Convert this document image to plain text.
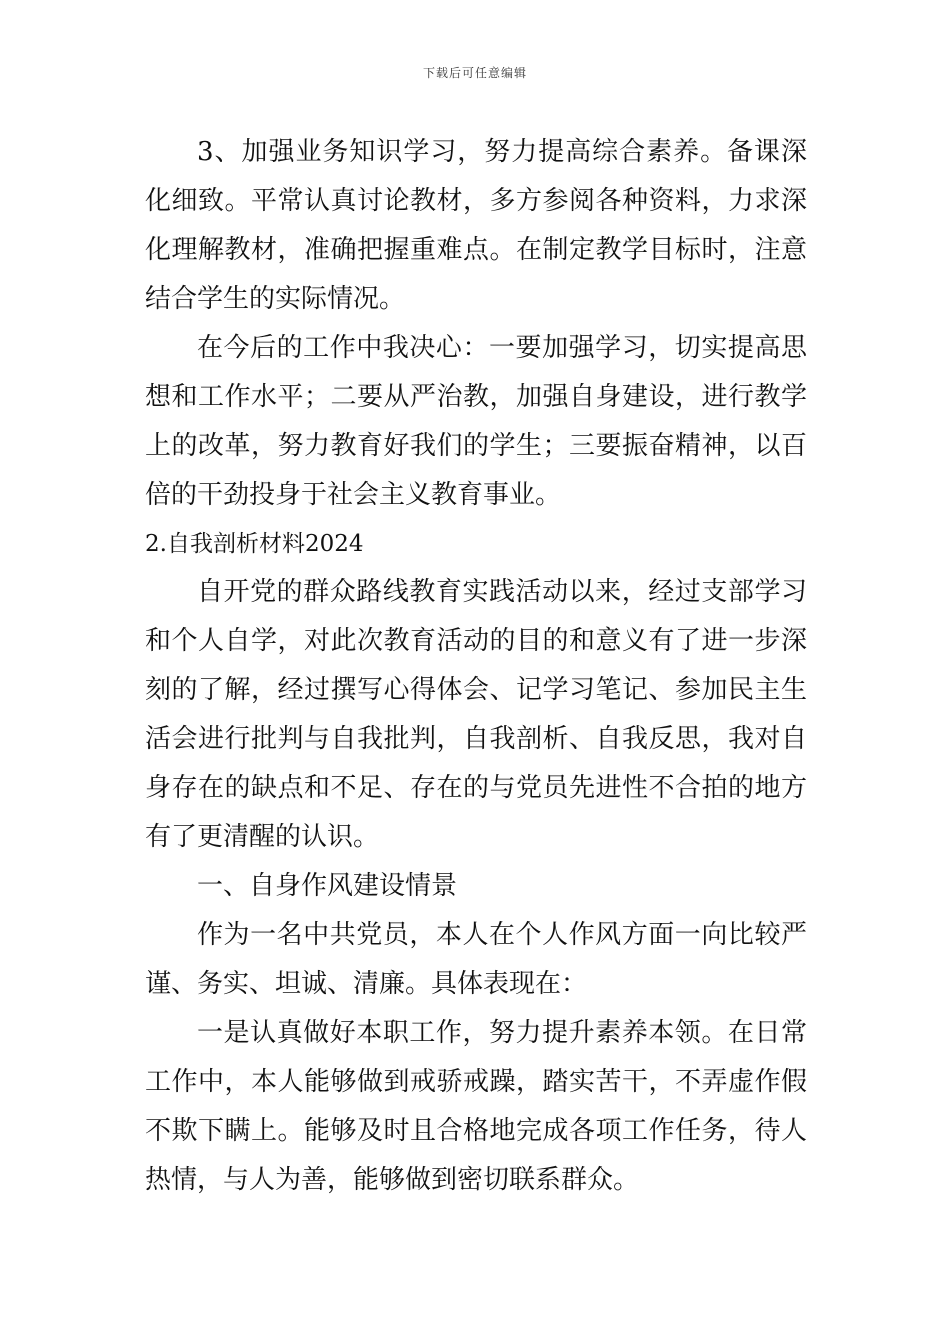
下载后可任意编辑

3、加强业务知识学习，努力提高综合素养。备课深化细致。平常认真讨论教材，多方参阅各种资料，力求深化理解教材，准确把握重难点。在制定教学目标时，注意结合学生的实际情况。

在今后的工作中我决心：一要加强学习，切实提高思想和工作水平；二要从严治教，加强自身建设，进行教学上的改革，努力教育好我们的学生；三要振奋精神，以百倍的干劲投身于社会主义教育事业。

2.自我剖析材料2024

自开党的群众路线教育实践活动以来，经过支部学习和个人自学，对此次教育活动的目的和意义有了进一步深刻的了解，经过撰写心得体会、记学习笔记、参加民主生活会进行批判与自我批判，自我剖析、自我反思，我对自身存在的缺点和不足、存在的与党员先进性不合拍的地方有了更清醒的认识。

一、自身作风建设情景

作为一名中共党员，本人在个人作风方面一向比较严谨、务实、坦诚、清廉。具体表现在：

一是认真做好本职工作，努力提升素养本领。在日常工作中，本人能够做到戒骄戒躁，踏实苦干，不弄虚作假不欺下瞒上。能够及时且合格地完成各项工作任务，待人热情，与人为善，能够做到密切联系群众。
